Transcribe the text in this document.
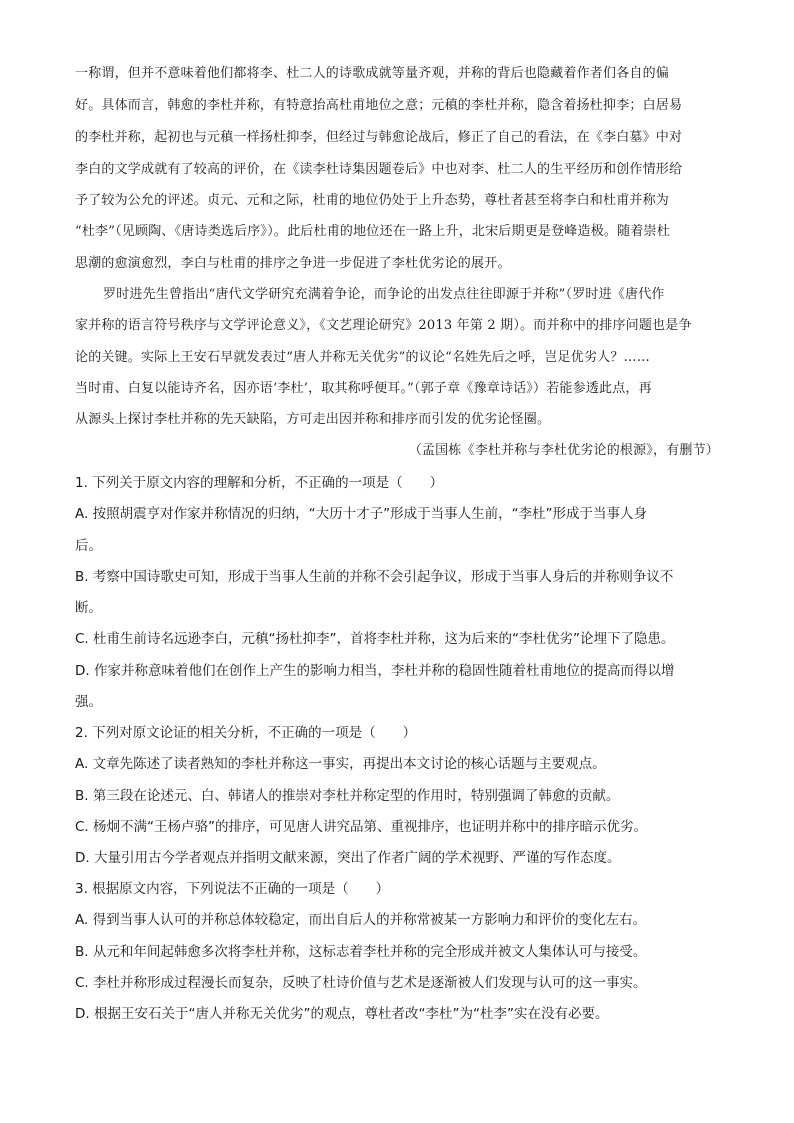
一称谓，但并不意味着他们都将李、杜二人的诗歌成就等量齐观，并称的背后也隐藏着作者们各自的偏
好。具体而言，韩愈的李杜并称，有特意抬高杜甫地位之意；元稹的李杜并称，隐含着扬杜抑李；白居易
的李杜并称，起初也与元稹一样扬杜抑李，但经过与韩愈论战后，修正了自己的看法，在《李白墓》中对
李白的文学成就有了较高的评价，在《读李杜诗集因题卷后》中也对李、杜二人的生平经历和创作情形给
予了较为公允的评述。贞元、元和之际，杜甫的地位仍处于上升态势，尊杜者甚至将李白和杜甫并称为
“杜李”（见顾陶、《唐诗类选后序》）。此后杜甫的地位还在一路上升，北宋后期更是登峰造极。随着崇杜
思潮的愈演愈烈，李白与杜甫的排序之争进一步促进了李杜优劣论的展开。
罗时进先生曾指出“唐代文学研究充满着争论，而争论的出发点往往即源于并称”（罗时进《唐代作
家并称的语言符号秩序与文学评论意义》，《文艺理论研究》2013 年第 2 期）。而并称中的排序问题也是争
论的关键。实际上王安石早就发表过“唐人并称无关优劣”的议论“名姓先后之呼，岂足优劣人？……
当时甫、白复以能诗齐名，因亦语‘李杜’，取其称呼便耳。”（郭子章《豫章诗话》）若能参透此点，再
从源头上探讨李杜并称的先天缺陷，方可走出因并称和排序而引发的优劣论怪圈。
（孟国栋《李杜并称与李杜优劣论的根源》，有删节）
1. 下列关于原文内容的理解和分析，不正确的一项是（　　）
A. 按照胡震亨对作家并称情况的归纳，“大历十才子”形成于当事人生前，“李杜”形成于当事人身
后。
B. 考察中国诗歌史可知，形成于当事人生前的并称不会引起争议，形成于当事人身后的并称则争议不
断。
C. 杜甫生前诗名远逊李白，元稹“扬杜抑李”，首将李杜并称，这为后来的“李杜优劣”论埋下了隐患。
D. 作家并称意味着他们在创作上产生的影响力相当，李杜并称的稳固性随着杜甫地位的提高而得以增
强。
2. 下列对原文论证的相关分析，不正确的一项是（　　）
A. 文章先陈述了读者熟知的李杜并称这一事实，再提出本文讨论的核心话题与主要观点。
B. 第三段在论述元、白、韩诸人的推崇对李杜并称定型的作用时，特别强调了韩愈的贡献。
C. 杨炯不满“王杨卢骆”的排序，可见唐人讲究品第、重视排序，也证明并称中的排序暗示优劣。
D. 大量引用古今学者观点并指明文献来源，突出了作者广阔的学术视野、严谨的写作态度。
3. 根据原文内容，下列说法不正确的一项是（　　）
A. 得到当事人认可的并称总体较稳定，而出自后人的并称常被某一方影响力和评价的变化左右。
B. 从元和年间起韩愈多次将李杜并称，这标志着李杜并称的完全形成并被文人集体认可与接受。
C. 李杜并称形成过程漫长而复杂，反映了杜诗价值与艺术是逐渐被人们发现与认可的这一事实。
D. 根据王安石关于“唐人并称无关优劣”的观点，尊杜者改“李杜”为“杜李”实在没有必要。
